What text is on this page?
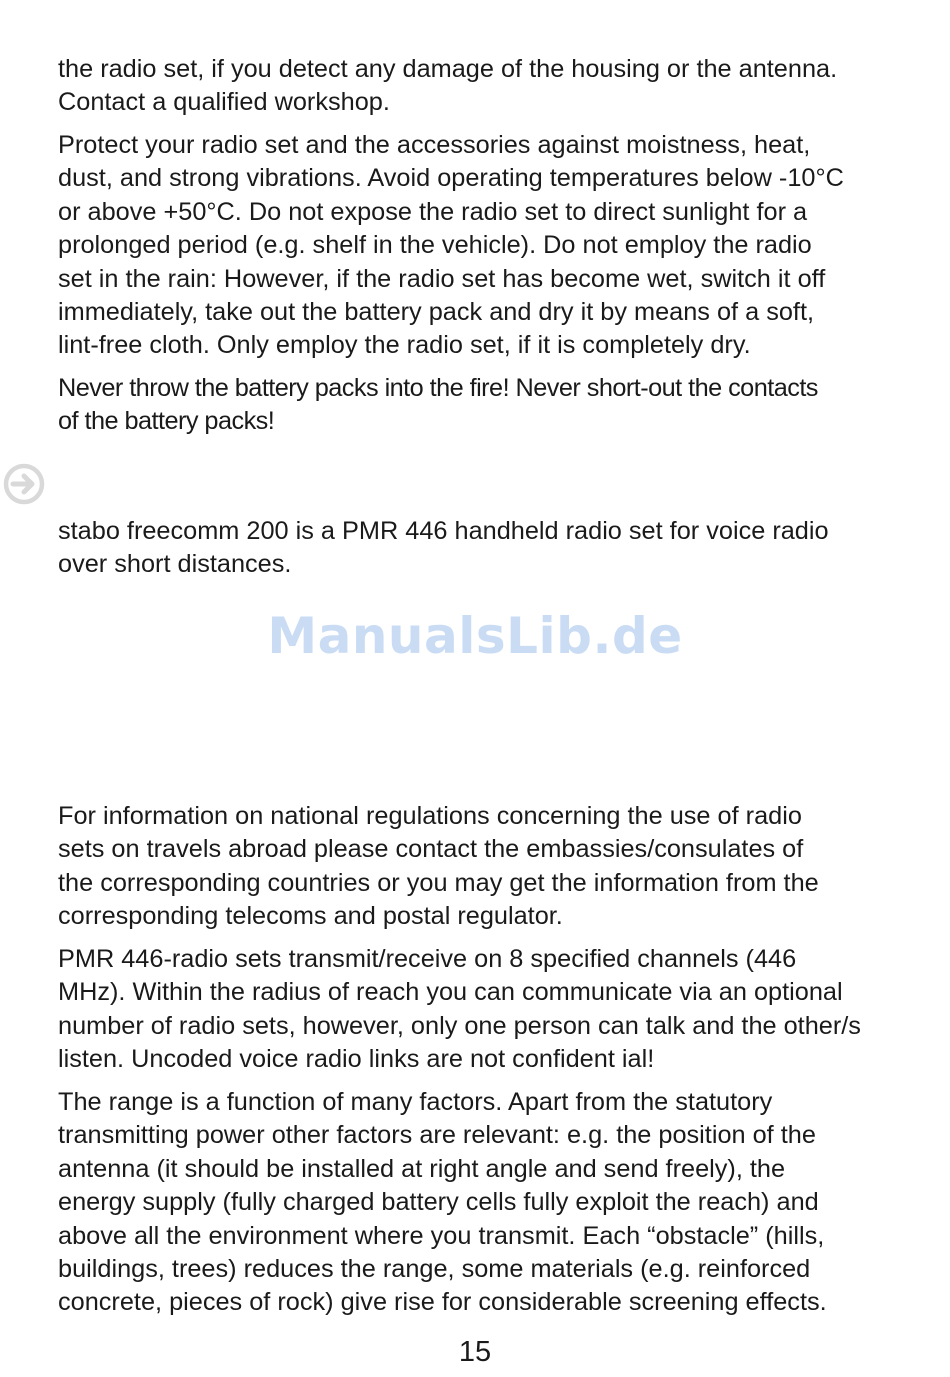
the radio set, if you detect any damage of the housing or the antenna.
Contact a qualified workshop.

Protect your radio set and the accessories against moistness, heat,
dust, and strong vibrations. Avoid operating temperatures below -10°C
or above +50°C. Do not expose the radio set to direct sunlight for a
prolonged period (e.g. shelf in the vehicle). Do not employ the radio
set in the rain: However, if the radio set has become wet, switch it off
immediately, take out the battery pack and dry it by means of a soft,
lint-free cloth. Only employ the radio set, if it is completely dry.

Never throw the battery packs into the fire! Never short-out the contacts
of the battery packs!

stabo freecomm 200 is a PMR 446 handheld radio set for voice radio
over short distances.

ManualsLib.de

For information on national regulations concerning the use of radio
sets on travels abroad please contact the embassies/consulates of
the corresponding countries or you may get the information from the
corresponding telecoms and postal regulator.

PMR 446-radio sets transmit/receive on 8 specified channels (446
MHz). Within the radius of reach you can communicate via an optional
number of radio sets, however, only one person can talk and the other/s
listen. Uncoded voice radio links are not confident ial!

The range is a function of many factors. Apart from the statutory
transmitting power other factors are relevant: e.g. the position of the
antenna (it should be installed at right angle and send freely), the
energy supply (fully charged battery cells fully exploit the reach) and
above all the environment where you transmit. Each “obstacle” (hills,
buildings, trees) reduces the range, some materials (e.g. reinforced
concrete, pieces of rock) give rise for considerable screening effects.

15
